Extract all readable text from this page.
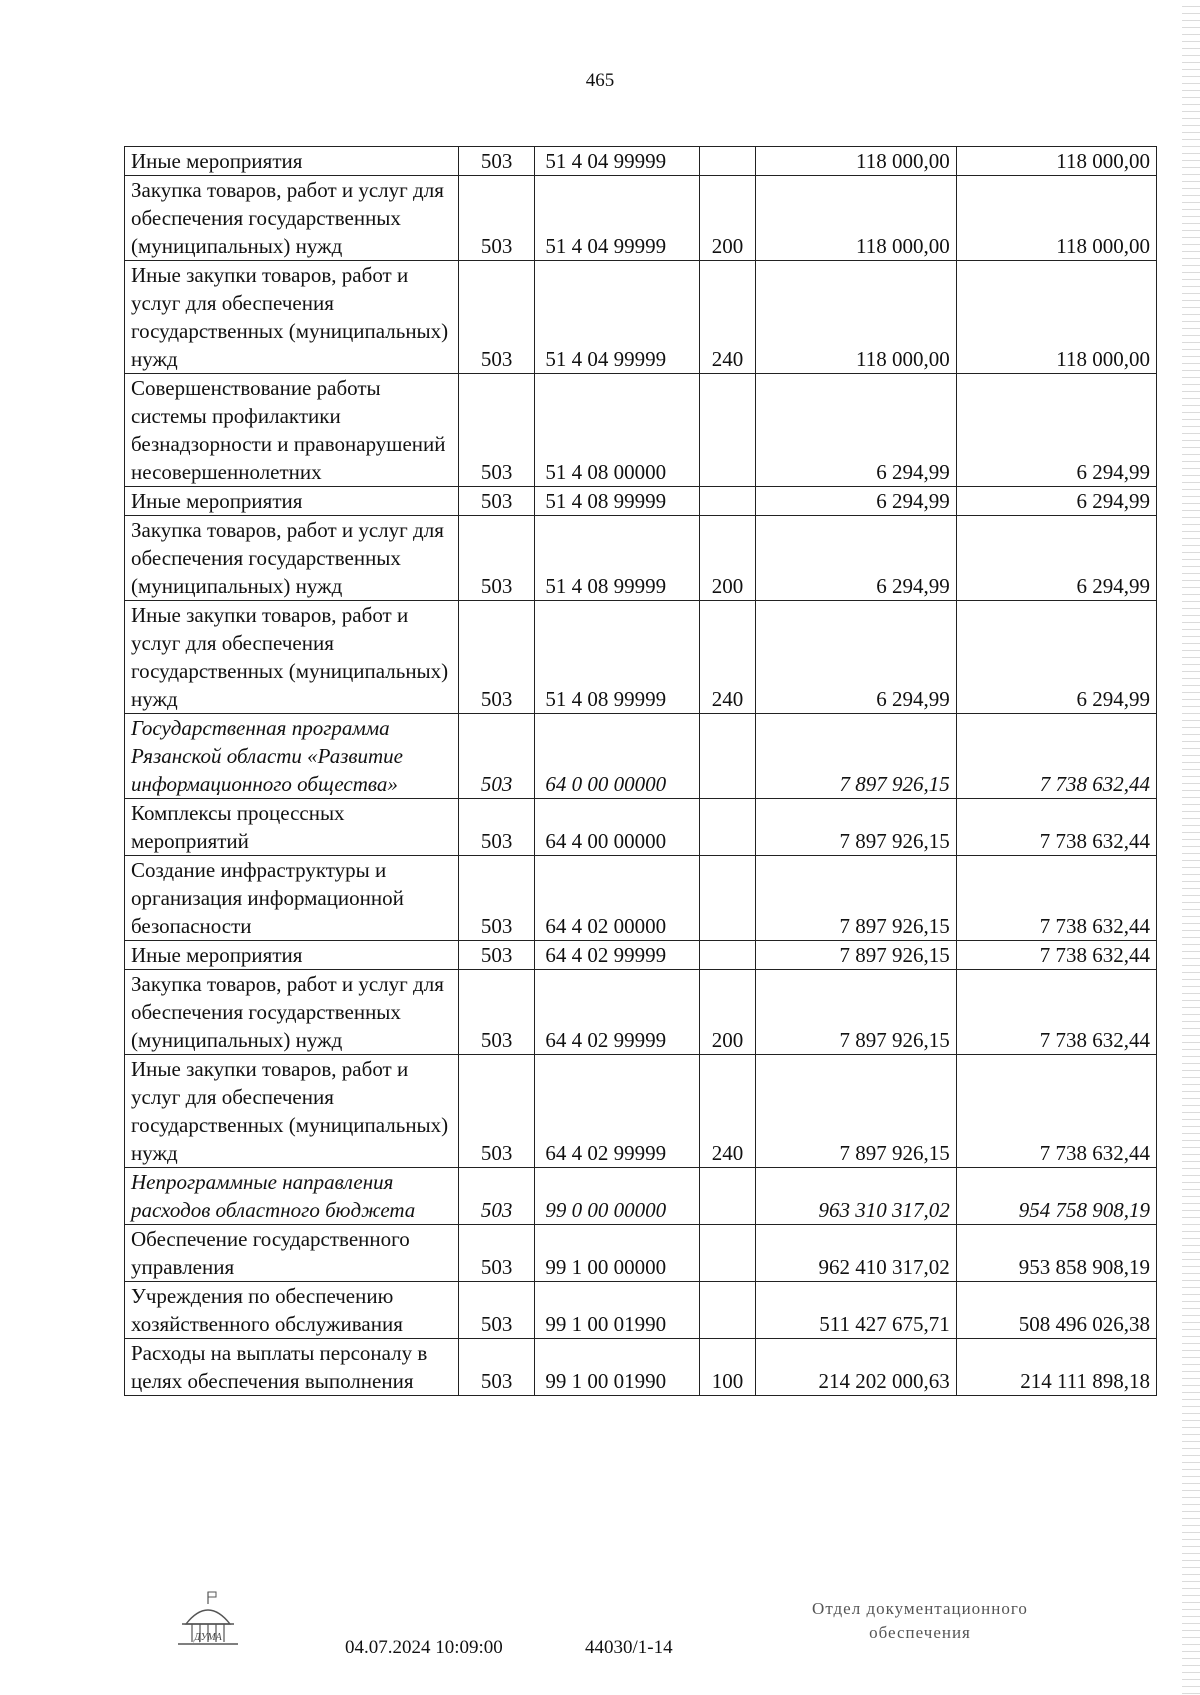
465
Иные мероприятия	503	51 4 04 99999		118 000,00	118 000,00
Закупка товаров, работ и услуг для обеспечения государственных (муниципальных) нужд	503	51 4 04 99999	200	118 000,00	118 000,00
Иные закупки товаров, работ и услуг для обеспечения государственных (муниципальных) нужд	503	51 4 04 99999	240	118 000,00	118 000,00
Совершенствование работы системы профилактики безнадзорности и правонарушений несовершеннолетних	503	51 4 08 00000		6 294,99	6 294,99
Иные мероприятия	503	51 4 08 99999		6 294,99	6 294,99
Закупка товаров, работ и услуг для обеспечения государственных (муниципальных) нужд	503	51 4 08 99999	200	6 294,99	6 294,99
Иные закупки товаров, работ и услуг для обеспечения государственных (муниципальных) нужд	503	51 4 08 99999	240	6 294,99	6 294,99
Государственная программа Рязанской области «Развитие информационного общества»	503	64 0 00 00000		7 897 926,15	7 738 632,44
Комплексы процессных мероприятий	503	64 4 00 00000		7 897 926,15	7 738 632,44
Создание инфраструктуры и организация информационной безопасности	503	64 4 02 00000		7 897 926,15	7 738 632,44
Иные мероприятия	503	64 4 02 99999		7 897 926,15	7 738 632,44
Закупка товаров, работ и услуг для обеспечения государственных (муниципальных) нужд	503	64 4 02 99999	200	7 897 926,15	7 738 632,44
Иные закупки товаров, работ и услуг для обеспечения государственных (муниципальных) нужд	503	64 4 02 99999	240	7 897 926,15	7 738 632,44
Непрограммные направления расходов областного бюджета	503	99 0 00 00000		963 310 317,02	954 758 908,19
Обеспечение государственного управления	503	99 1 00 00000		962 410 317,02	953 858 908,19
Учреждения по обеспечению хозяйственного обслуживания	503	99 1 00 01990		511 427 675,71	508 496 026,38
Расходы на выплаты персоналу в целях обеспечения выполнения	503	99 1 00 01990	100	214 202 000,63	214 111 898,18
ДУМА	04.07.2024 10:09:00	44030/1-14
Отдел документационного
обеспечения
